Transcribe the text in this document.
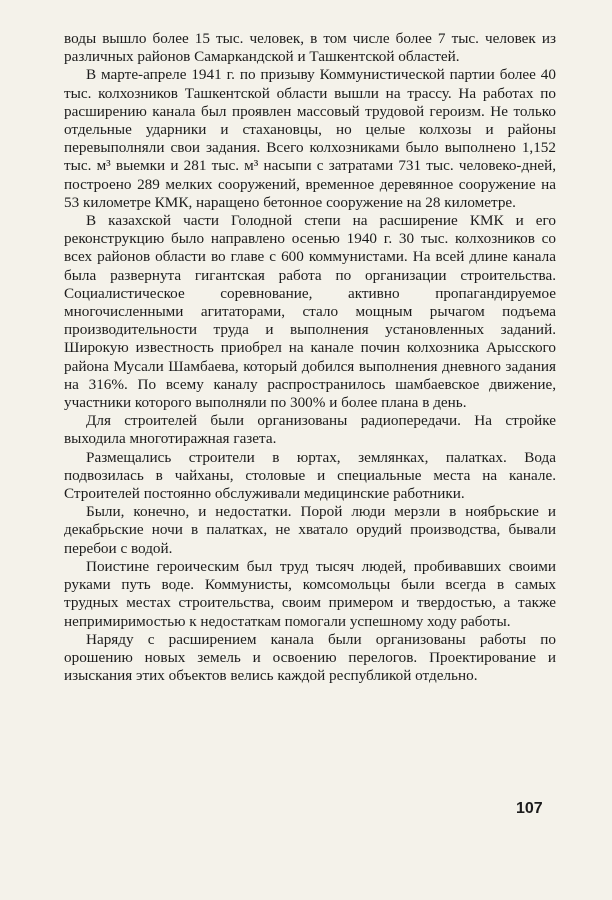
воды вышло более 15 тыс. человек, в том числе более 7 тыс. человек из различных районов Самаркандской и Ташкентской областей.

В марте-апреле 1941 г. по призыву Коммунистической партии более 40 тыс. колхозников Ташкентской области вышли на трассу. На работах по расширению канала был проявлен массовый трудовой героизм. Не только отдельные ударники и стахановцы, но целые колхозы и районы перевыполняли свои задания. Всего колхозниками было выполнено 1,152 тыс. м³ выемки и 281 тыс. м³ насыпи с затратами 731 тыс. человеко-дней, построено 289 мелких сооружений, временное деревянное сооружение на 53 километре КМК, наращено бетонное сооружение на 28 километре.

В казахской части Голодной степи на расширение КМК и его реконструкцию было направлено осенью 1940 г. 30 тыс. колхозников со всех районов области во главе с 600 коммунистами. На всей длине канала была развернута гигантская работа по организации строительства. Социалистическое соревнование, активно пропагандируемое многочисленными агитаторами, стало мощным рычагом подъема производительности труда и выполнения установленных заданий. Широкую известность приобрел на канале почин колхозника Арысского района Мусали Шамбаева, который добился выполнения дневного задания на 316%. По всему каналу распространилось шамбаевское движение, участники которого выполняли по 300% и более плана в день.

Для строителей были организованы радиопередачи. На стройке выходила многотиражная газета.

Размещались строители в юртах, землянках, палатках. Вода подвозилась в чайханы, столовые и специальные места на канале. Строителей постоянно обслуживали медицинские работники.

Были, конечно, и недостатки. Порой люди мерзли в ноябрьские и декабрьские ночи в палатках, не хватало орудий производства, бывали перебои с водой.

Поистине героическим был труд тысяч людей, пробивавших своими руками путь воде. Коммунисты, комсомольцы были всегда в самых трудных местах строительства, своим примером и твердостью, а также непримиримостью к недостаткам помогали успешному ходу работы.

Наряду с расширением канала были организованы работы по орошению новых земель и освоению перелогов. Проектирование и изыскания этих объектов велись каждой республикой отдельно.

107
